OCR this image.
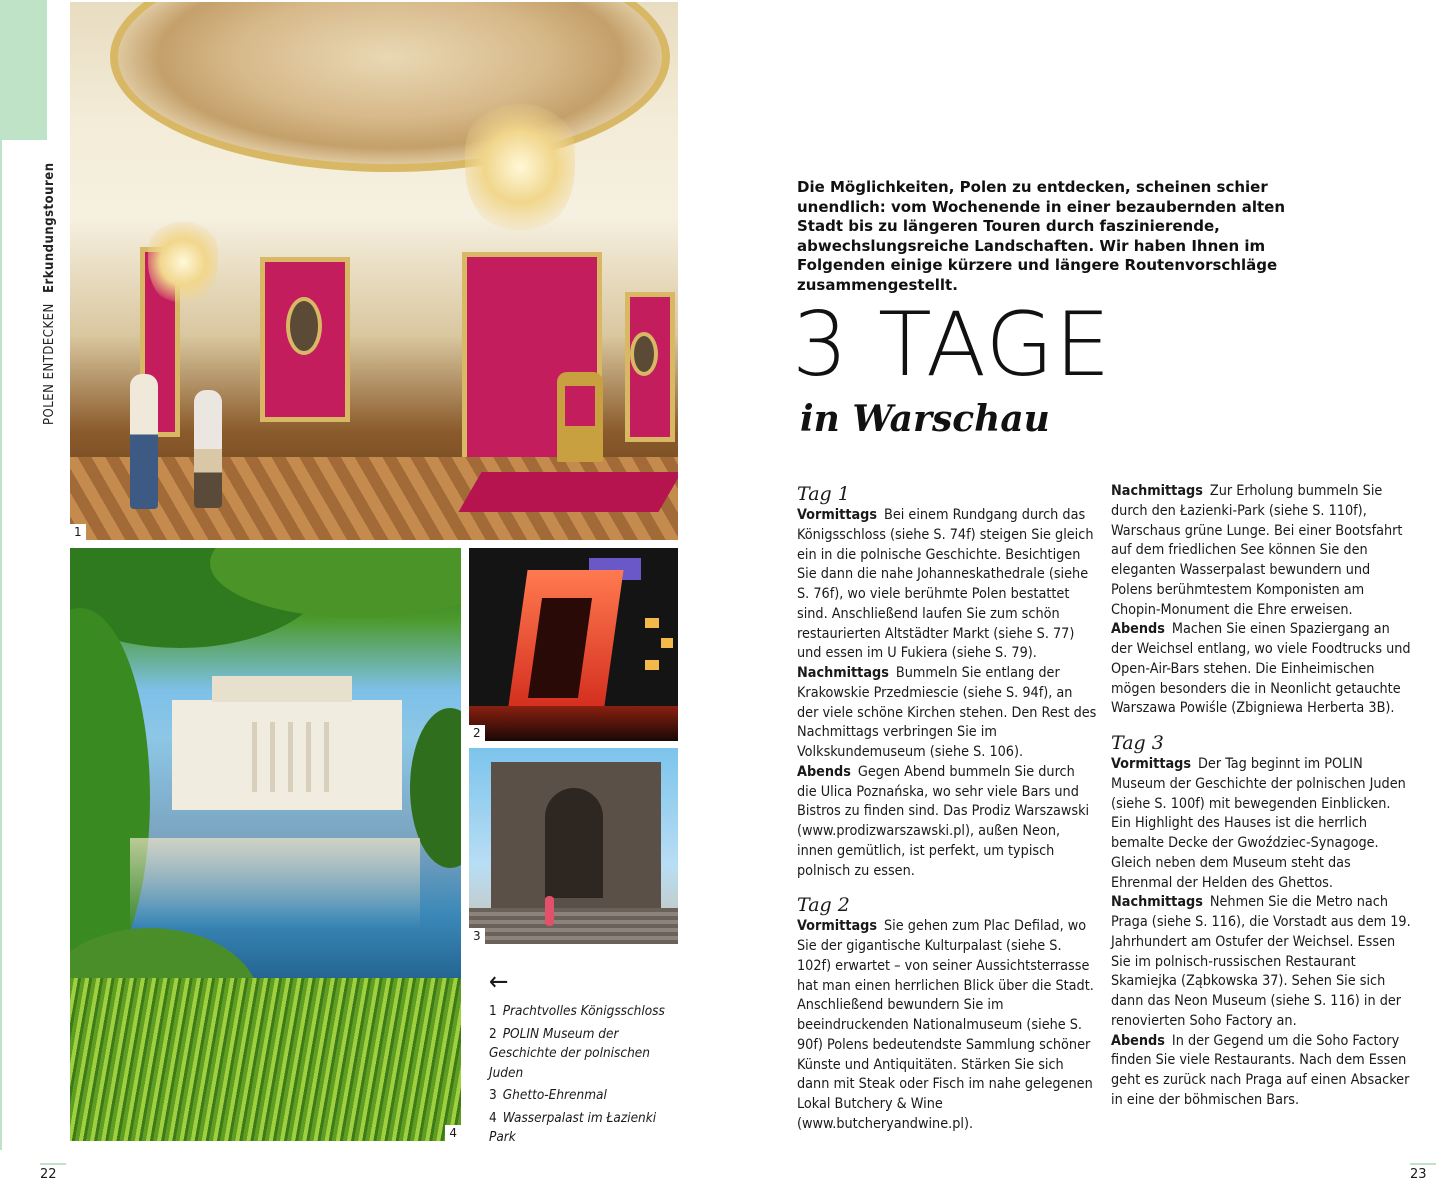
POLEN ENTDECKEN Erkundungstouren
1
4
2
3
←
1 Prachtvolles Königsschloss
2 POLIN Museum der Geschichte der polnischen Juden
3 Ghetto-Ehrenmal
4 Wasserpalast im Łazienki Park
22	23

Die Möglichkeiten, Polen zu entdecken, scheinen schier unendlich: vom Wochenende in einer bezaubernden alten Stadt bis zu längeren Touren durch faszinierende, abwechslungsreiche Landschaften. Wir haben Ihnen im Folgenden einige kürzere und längere Routenvorschläge zusammengestellt.

3 TAGE
in Warschau
Tag 1

Vormittags Bei einem Rundgang durch das Königsschloss (siehe S. 74f) steigen Sie gleich ein in die polnische Geschichte. Besichtigen Sie dann die nahe Johanneskathedrale (siehe S. 76f), wo viele berühmte Polen bestattet sind. Anschließend laufen Sie zum schön restaurierten Altstädter Markt (siehe S. 77) und essen im U Fukiera (siehe S. 79).

Nachmittags Bummeln Sie entlang der Krakowskie Przedmiescie (siehe S. 94f), an der viele schöne Kirchen stehen. Den Rest des Nachmittags verbringen Sie im Volkskundemuseum (siehe S. 106).

Abends Gegen Abend bummeln Sie durch die Ulica Poznańska, wo sehr viele Bars und Bistros zu finden sind. Das Prodiz Warszawski (www.prodizwarszawski.pl), außen Neon, innen gemütlich, ist perfekt, um typisch polnisch zu essen.

Tag 2

Vormittags Sie gehen zum Plac Defilad, wo Sie der gigantische Kulturpalast (siehe S. 102f) erwartet – von seiner Aussichtsterrasse hat man einen herrlichen Blick über die Stadt. Anschließend bewundern Sie im beeindruckenden Nationalmuseum (siehe S. 90f) Polens bedeutendste Sammlung schöner Künste und Antiquitäten. Stärken Sie sich dann mit Steak oder Fisch im nahe gelegenen Lokal Butchery & Wine (www.butcheryandwine.pl).

Nachmittags Zur Erholung bummeln Sie durch den Łazienki-Park (siehe S. 110f), Warschaus grüne Lunge. Bei einer Bootsfahrt auf dem friedlichen See können Sie den eleganten Wasserpalast bewundern und Polens berühmtestem Komponisten am Chopin-Monument die Ehre erweisen.

Abends Machen Sie einen Spaziergang an der Weichsel entlang, wo viele Foodtrucks und Open-Air-Bars stehen. Die Einheimischen mögen besonders die in Neonlicht getauchte Warszawa Powiśle (Zbigniewa Herberta 3B).

Tag 3

Vormittags Der Tag beginnt im POLIN Museum der Geschichte der polnischen Juden (siehe S. 100f) mit bewegenden Einblicken. Ein Highlight des Hauses ist die herrlich bemalte Decke der Gwoździec-Synagoge. Gleich neben dem Museum steht das Ehrenmal der Helden des Ghettos.

Nachmittags Nehmen Sie die Metro nach Praga (siehe S. 116), die Vorstadt aus dem 19. Jahrhundert am Ostufer der Weichsel. Essen Sie im polnisch-russischen Restaurant Skamiejka (Ząbkowska 37). Sehen Sie sich dann das Neon Museum (siehe S. 116) in der renovierten Soho Factory an.

Abends In der Gegend um die Soho Factory finden Sie viele Restaurants. Nach dem Essen geht es zurück nach Praga auf einen Absacker in eine der böhmischen Bars.
